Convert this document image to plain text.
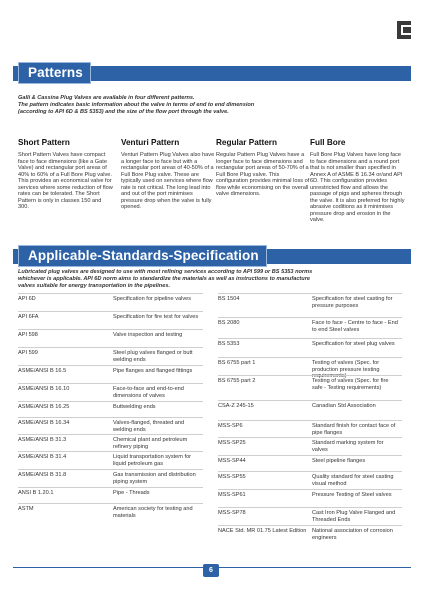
Patterns
Galli & Cassina Plug Valves are available in four different patterns.
The pattern indicates basic information about the valve in terms of end to end dimension
(according to API 6D & BS 5353) and the size of the flow port through the valve.
Short Pattern	Venturi Pattern	Regular Pattern	Full Bore
Short Pattern Valves have compact face to face dimensions (like a Gate Valve) and rectangular port areas of 40% to 60% of a Full Bore Plug valve. This provides an economical valve for services where some reduction of flow rates can be tolerated. The Short Pattern is only in classes 150 and 300.
Venturi Pattern Plug Valves also have a longer face to face but with a rectangular port areas of 40-50% of a Full Bore Plug valve. These are typically used on services where flow rate is not critical. The long lead into and out of the port minimises pressure drop when the valve is fully opened.
Regular Pattern Plug Valves have a longer face to face dimensions and rectangular port areas of 50-70% of a Full Bore Plug valve. This configuration provides minimal loss of flow while economising on the overall valve dimensions.
Full Bore Plug Valves have long face to face dimensions and a round port that is not smaller than specified in Annex A of ASME B 16.34 or/and API 6D. This configuration provides unrestricted flow and allows the passage of pigs and spheres through the valve. It is also preferred for highly abrasive coditions as it minimises pressure drop and erosion in the valve.
Applicable-Standards-Specification
Lubricated plug valves are designed to use with most refining services according to API 599 or BS 5353 norms
whichever is applicable. API 6D norm aims to standardize the materials as well as instructions to manufacture
valves suitable for energy transportation in the pipelines.
API 6D	Specification for pipeline valves
API 6FA	Specification for fire test for valves
API 598	Valve inspection and testing
API 599	Steel plug valves flanged or butt welding ends
ASME/ANSI B 16.5	Pipe flanges and flanged fittings
ASME/ANSI B 16.10	Face-to-face and end-to-end dimensions of valves
ASME/ANSI B 16.25	Buttwelding ends
ASME/ANSI B 16.34	Valves-flanged, threated and welding ends
ASME/ANSI B 31.3	Chemical plant and petroleum refinery piping
ASME/ANSI B 31.4	Liquid transportation system for liquid petroleum gas
ASME/ANSI B 31.8	Gas transmission and distribution piping system
ANSI B 1.20.1	Pipe - Threads
ASTM	American society for testing and materials
BS 1504	Specification for steel casting for pressure purposes
BS 2080	Face to face - Centre to face - End to end Steel valves
BS 5353	Specification for steel plug valves
BS 6755 part 1	Testing of valves (Spec. for production pressure testing requirements)
BS 6755 part 2	Testing of valves (Spec. for fire safe - Testing requirements)
CSA-Z 245-15	Canadian Std Association
MSS-SP6	Standard finish for contact face of pipe flanges
MSS-SP25	Standard marking system for valves
MSS-SP44	Steel pipeline flanges
MSS-SP55	Quality standard for steel casting visual method
MSS-SP61	Pressure Testing of Steel valves
MSS-SP78	Cast Iron Plug Valve Flanged and Threaded Ends
NACE Std. MR 01.75 Latest Edition	National association of corrosion engineers
6
